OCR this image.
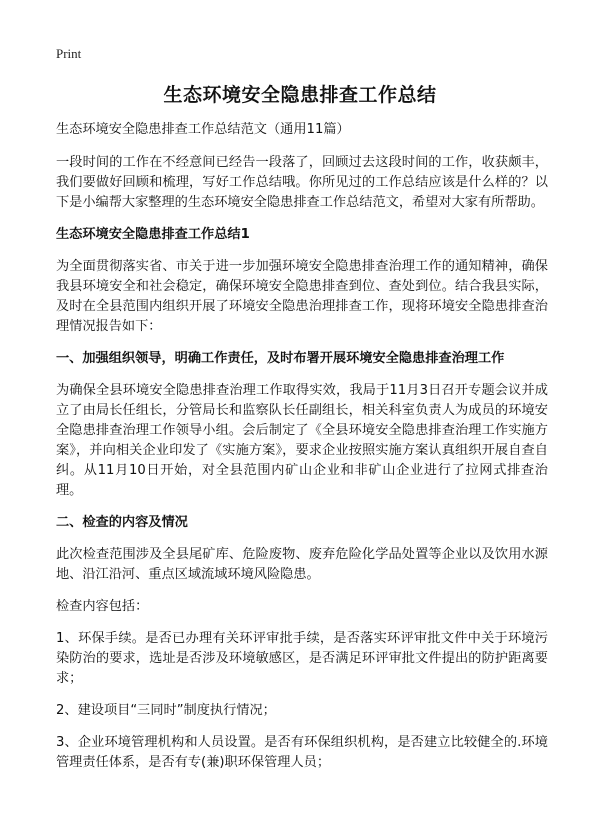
Print
生态环境安全隐患排查工作总结

生态环境安全隐患排查工作总结范文（通用11篇）

一段时间的工作在不经意间已经告一段落了，回顾过去这段时间的工作，收获颇丰，我们要做好回顾和梳理，写好工作总结哦。你所见过的工作总结应该是什么样的？以下是小编帮大家整理的生态环境安全隐患排查工作总结范文，希望对大家有所帮助。

生态环境安全隐患排查工作总结1

为全面贯彻落实省、市关于进一步加强环境安全隐患排查治理工作的通知精神，确保我县环境安全和社会稳定，确保环境安全隐患排查到位、查处到位。结合我县实际，及时在全县范围内组织开展了环境安全隐患治理排查工作，现将环境安全隐患排查治理情况报告如下：

一、加强组织领导，明确工作责任，及时布署开展环境安全隐患排查治理工作

为确保全县环境安全隐患排查治理工作取得实效，我局于11月3日召开专题会议并成立了由局长任组长，分管局长和监察队长任副组长，相关科室负责人为成员的环境安全隐患排查治理工作领导小组。会后制定了《全县环境安全隐患排查治理工作实施方案》，并向相关企业印发了《实施方案》，要求企业按照实施方案认真组织开展自查自纠。从11月10日开始，对全县范围内矿山企业和非矿山企业进行了拉网式排查治理。

二、检查的内容及情况

此次检查范围涉及全县尾矿库、危险废物、废弃危险化学品处置等企业以及饮用水源地、沿江沿河、重点区域流域环境风险隐患。

检查内容包括：

1、环保手续。是否已办理有关环评审批手续，是否落实环评审批文件中关于环境污染防治的要求，选址是否涉及环境敏感区，是否满足环评审批文件提出的防护距离要求；

2、建设项目“三同时”制度执行情况；

3、企业环境管理机构和人员设置。是否有环保组织机构，是否建立比较健全的.环境管理责任体系，是否有专(兼)职环保管理人员；
